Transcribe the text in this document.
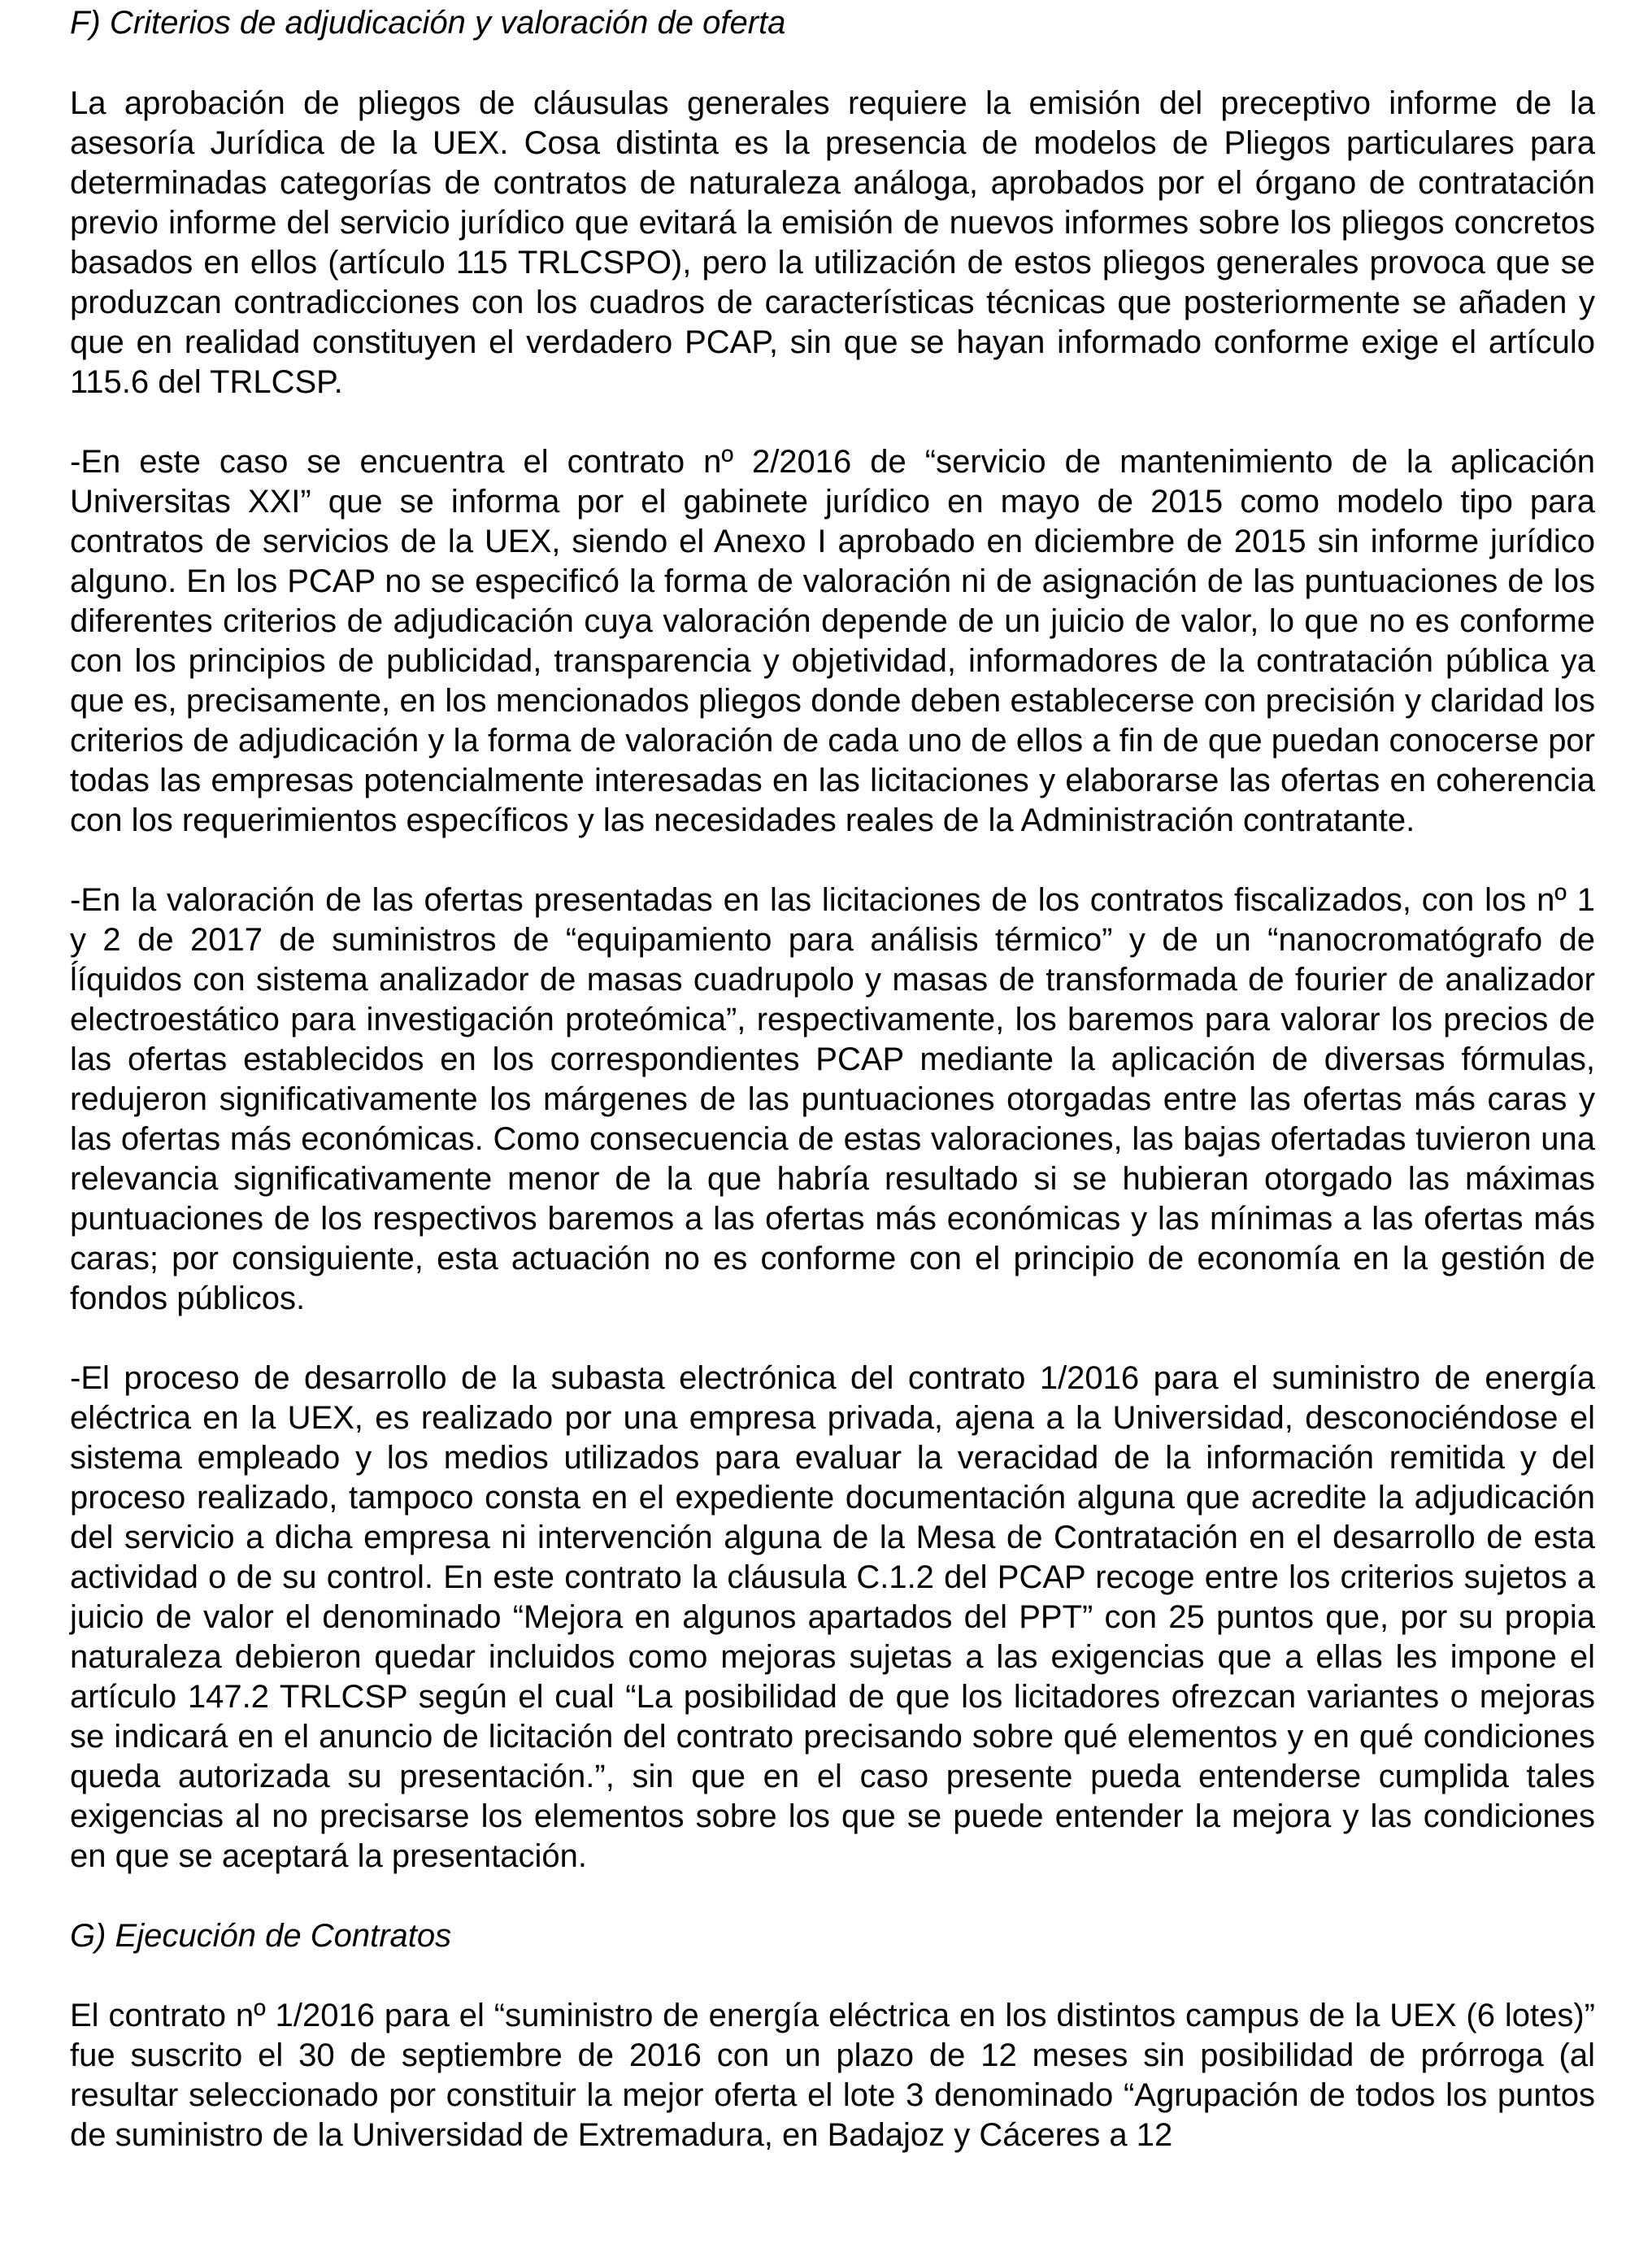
F) Criterios de adjudicación y valoración de oferta

La aprobación de pliegos de cláusulas generales requiere la emisión del preceptivo informe de la asesoría Jurídica de la UEX. Cosa distinta es la presencia de modelos de Pliegos particulares para determinadas categorías de contratos de naturaleza análoga, aprobados por el órgano de contratación previo informe del servicio jurídico que evitará la emisión de nuevos informes sobre los pliegos concretos basados en ellos (artículo 115 TRLCSPO), pero la utilización de estos pliegos generales provoca que se produzcan contradicciones con los cuadros de características técnicas que posteriormente se añaden y que en realidad constituyen el verdadero PCAP, sin que se hayan informado conforme exige el artículo 115.6 del TRLCSP.

-En este caso se encuentra el contrato nº 2/2016 de “servicio de mantenimiento de la aplicación Universitas XXI” que se informa por el gabinete jurídico en mayo de 2015 como modelo tipo para contratos de servicios de la UEX, siendo el Anexo I aprobado en diciembre de 2015 sin informe jurídico alguno. En los PCAP no se especificó la forma de valoración ni de asignación de las puntuaciones de los diferentes criterios de adjudicación cuya valoración depende de un juicio de valor, lo que no es conforme con los principios de publicidad, transparencia y objetividad, informadores de la contratación pública ya que es, precisamente, en los mencionados pliegos donde deben establecerse con precisión y claridad los criterios de adjudicación y la forma de valoración de cada uno de ellos a fin de que puedan conocerse por todas las empresas potencialmente interesadas en las licitaciones y elaborarse las ofertas en coherencia con los requerimientos específicos y las necesidades reales de la Administración contratante.

-En la valoración de las ofertas presentadas en las licitaciones de los contratos fiscalizados, con los nº 1 y 2 de 2017 de suministros de “equipamiento para análisis térmico” y de un “nanocromatógrafo de ĺíquidos con sistema analizador de masas cuadrupolo y masas de transformada de fourier de analizador electroestático para investigación proteómica”, respectivamente, los baremos para valorar los precios de las ofertas establecidos en los correspondientes PCAP mediante la aplicación de diversas fórmulas, redujeron significativamente los márgenes de las puntuaciones otorgadas entre las ofertas más caras y las ofertas más económicas. Como consecuencia de estas valoraciones, las bajas ofertadas tuvieron una relevancia significativamente menor de la que habría resultado si se hubieran otorgado las máximas puntuaciones de los respectivos baremos a las ofertas más económicas y las mínimas a las ofertas más caras; por consiguiente, esta actuación no es conforme con el principio de economía en la gestión de fondos públicos.

-El proceso de desarrollo de la subasta electrónica del contrato 1/2016 para el suministro de energía eléctrica en la UEX, es realizado por una empresa privada, ajena a la Universidad, desconociéndose el sistema empleado y los medios utilizados para evaluar la veracidad de la información remitida y del proceso realizado, tampoco consta en el expediente documentación alguna que acredite la adjudicación del servicio a dicha empresa ni intervención alguna de la Mesa de Contratación en el desarrollo de esta actividad o de su control. En este contrato la cláusula C.1.2 del PCAP recoge entre los criterios sujetos a juicio de valor el denominado “Mejora en algunos apartados del PPT” con 25 puntos que, por su propia naturaleza debieron quedar incluidos como mejoras sujetas a las exigencias que a ellas les impone el artículo 147.2 TRLCSP según el cual “La posibilidad de que los licitadores ofrezcan variantes o mejoras se indicará en el anuncio de licitación del contrato precisando sobre qué elementos y en qué condiciones queda autorizada su presentación.”, sin que en el caso presente pueda entenderse cumplida tales exigencias al no precisarse los elementos sobre los que se puede entender la mejora y las condiciones en que se aceptará la presentación.

G) Ejecución de Contratos

El contrato nº 1/2016 para el “suministro de energía eléctrica en los distintos campus de la UEX (6 lotes)” fue suscrito el 30 de septiembre de 2016 con un plazo de 12 meses sin posibilidad de prórroga (al resultar seleccionado por constituir la mejor oferta el lote 3 denominado “Agrupación de todos los puntos de suministro de la Universidad de Extremadura, en Badajoz y Cáceres a 12
